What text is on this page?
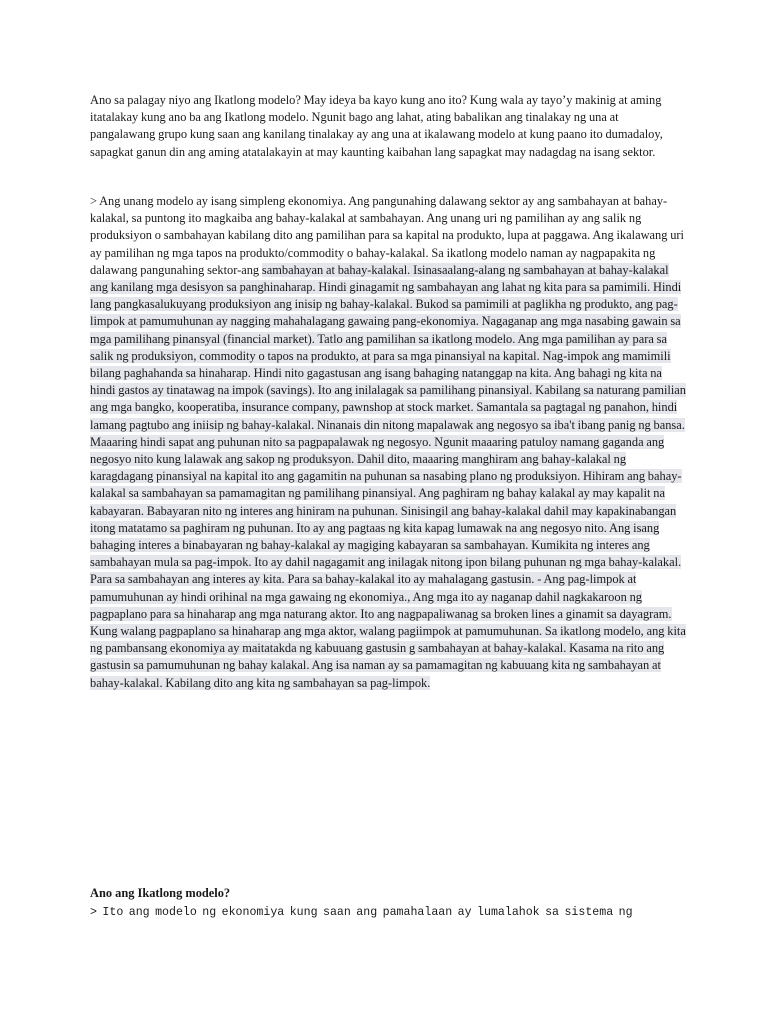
Ano sa palagay niyo ang Ikatlong modelo? May ideya ba kayo kung ano ito? Kung wala ay tayo’y makinig at aming itatalakay kung ano ba ang Ikatlong modelo. Ngunit bago ang lahat, ating babalikan ang tinalakay ng una at pangalawang grupo kung saan ang kanilang tinalakay ay ang una at ikalawang modelo at kung paano ito dumadaloy, sapagkat ganun din ang aming atatalakayin at may kaunting kaibahan lang sapagkat may nadagdag na isang sektor.

> Ang unang modelo ay isang simpleng ekonomiya. Ang pangunahing dalawang sektor ay ang sambahayan at bahay-kalakal, sa puntong ito magkaiba ang bahay-kalakal at sambahayan. Ang unang uri ng pamilihan ay ang salik ng produksiyon o sambahayan kabilang dito ang pamilihan para sa kapital na produkto, lupa at paggawa. Ang ikalawang uri ay pamilihan ng mga tapos na produkto/commodity o bahay-kalakal. Sa ikatlong modelo naman ay nagpapakita ng dalawang pangunahing sektor-ang sambahayan at bahay-kalakal. Isinasaalang-alang ng sambahayan at bahay-kalakal ang kanilang mga desisyon sa panghinaharap. Hindi ginagamit ng sambahayan ang lahat ng kita para sa pamimili. Hindi lang pangkasalukuyang produksiyon ang inisip ng bahay-kalakal. Bukod sa pamimili at paglikha ng produkto, ang pag-limpok at pamumuhunan ay nagging mahahalagang gawaing pang-ekonomiya. Nagaganap ang mga nasabing gawain sa mga pamilihang pinansyal (financial market). Tatlo ang pamilihan sa ikatlong modelo. Ang mga pamilihan ay para sa salik ng produksiyon, commodity o tapos na produkto, at para sa mga pinansiyal na kapital. Nag-impok ang mamimili bilang paghahanda sa hinaharap. Hindi nito gagastusan ang isang bahaging natanggap na kita. Ang bahagi ng kita na hindi gastos ay tinatawag na impok (savings). Ito ang inilalagak sa pamilihang pinansiyal. Kabilang sa naturang pamilian ang mga bangko, kooperatiba, insurance company, pawnshop at stock market. Samantala sa pagtagal ng panahon, hindi lamang pagtubo ang iniisip ng bahay-kalakal. Ninanais din nitong mapalawak ang negosyo sa iba't ibang panig ng bansa. Maaaring hindi sapat ang puhunan nito sa pagpapalawak ng negosyo. Ngunit maaaring patuloy namang gaganda ang negosyo nito kung lalawak ang sakop ng produksyon. Dahil dito, maaaring manghiram ang bahay-kalakal ng karagdagang pinansiyal na kapital ito ang gagamitin na puhunan sa nasabing plano ng produksiyon. Hihiram ang bahay-kalakal sa sambahayan sa pamamagitan ng pamilihang pinansiyal. Ang paghiram ng bahay kalakal ay may kapalit na kabayaran. Babayaran nito ng interes ang hiniram na puhunan. Sinisingil ang bahay-kalakal dahil may kapakinabangan itong matatamo sa paghiram ng puhunan. Ito ay ang pagtaas ng kita kapag lumawak na ang negosyo nito. Ang isang bahaging interes a binabayaran ng bahay-kalakal ay magiging kabayaran sa sambahayan. Kumikita ng interes ang sambahayan mula sa pag-impok. Ito ay dahil nagagamit ang inilagak nitong ipon bilang puhunan ng mga bahay-kalakal. Para sa sambahayan ang interes ay kita. Para sa bahay-kalakal ito ay mahalagang gastusin. - Ang pag-limpok at pamumuhunan ay hindi orihinal na mga gawaing ng ekonomiya., Ang mga ito ay naganap dahil nagkakaroon ng pagpaplano para sa hinaharap ang mga naturang aktor. Ito ang nagpapaliwanag sa broken lines a ginamit sa dayagram. Kung walang pagpaplano sa hinaharap ang mga aktor, walang pagiimpok at pamumuhunan. Sa ikatlong modelo, ang kita ng pambansang ekonomiya ay maitatakda ng kabuuang gastusin g sambahayan at bahay-kalakal. Kasama na rito ang gastusin sa pamumuhunan ng bahay kalakal. Ang isa naman ay sa pamamagitan ng kabuuang kita ng sambahayan at bahay-kalakal. Kabilang dito ang kita ng sambahayan sa pag-limpok.

Ano ang Ikatlong modelo?

> Ito ang modelo ng ekonomiya kung saan ang pamahalaan ay lumalahok sa sistema ng
